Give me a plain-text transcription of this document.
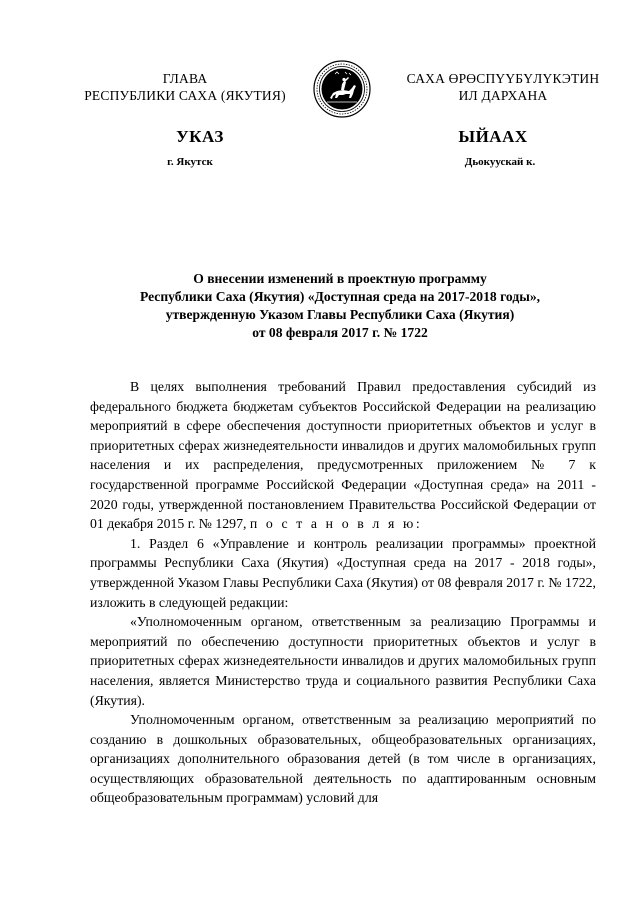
ГЛАВА
РЕСПУБЛИКИ САХА (ЯКУТИЯ)
САХА ӨРӨСПҮҮБҮЛҮКЭТИН
ИЛ ДАРХАНА
УКАЗ	ЫЙААХ
г. Якутск	Дьокуускай к.
О внесении изменений в проектную программу
Республики Саха (Якутия) «Доступная среда на 2017-2018 годы»,
утвержденную Указом Главы Республики Саха (Якутия)
от 08 февраля 2017 г. № 1722

В целях выполнения требований Правил предоставления субсидий из федерального бюджета бюджетам субъектов Российской Федерации на реализацию мероприятий в сфере обеспечения доступности приоритетных объектов и услуг в приоритетных сферах жизнедеятельности инвалидов и других маломобильных групп населения и их распределения, предусмотренных приложением № 7 к государственной программе Российской Федерации «Доступная среда» на 2011 - 2020 годы, утвержденной постановлением Правительства Российской Федерации от 01 декабря 2015 г. № 1297, п о с т а н о в л я ю:

1. Раздел 6 «Управление и контроль реализации программы» проектной программы Республики Саха (Якутия) «Доступная среда на 2017 - 2018 годы», утвержденной Указом Главы Республики Саха (Якутия) от 08 февраля 2017 г. № 1722, изложить в следующей редакции:

«Уполномоченным органом, ответственным за реализацию Программы и мероприятий по обеспечению доступности приоритетных объектов и услуг в приоритетных сферах жизнедеятельности инвалидов и других маломобильных групп населения, является Министерство труда и социального развития Республики Саха (Якутия).

Уполномоченным органом, ответственным за реализацию мероприятий по созданию в дошкольных образовательных, общеобразовательных организациях, организациях дополнительного образования детей (в том числе в организациях, осуществляющих образовательной деятельность по адаптированным основным общеобразовательным программам) условий для
